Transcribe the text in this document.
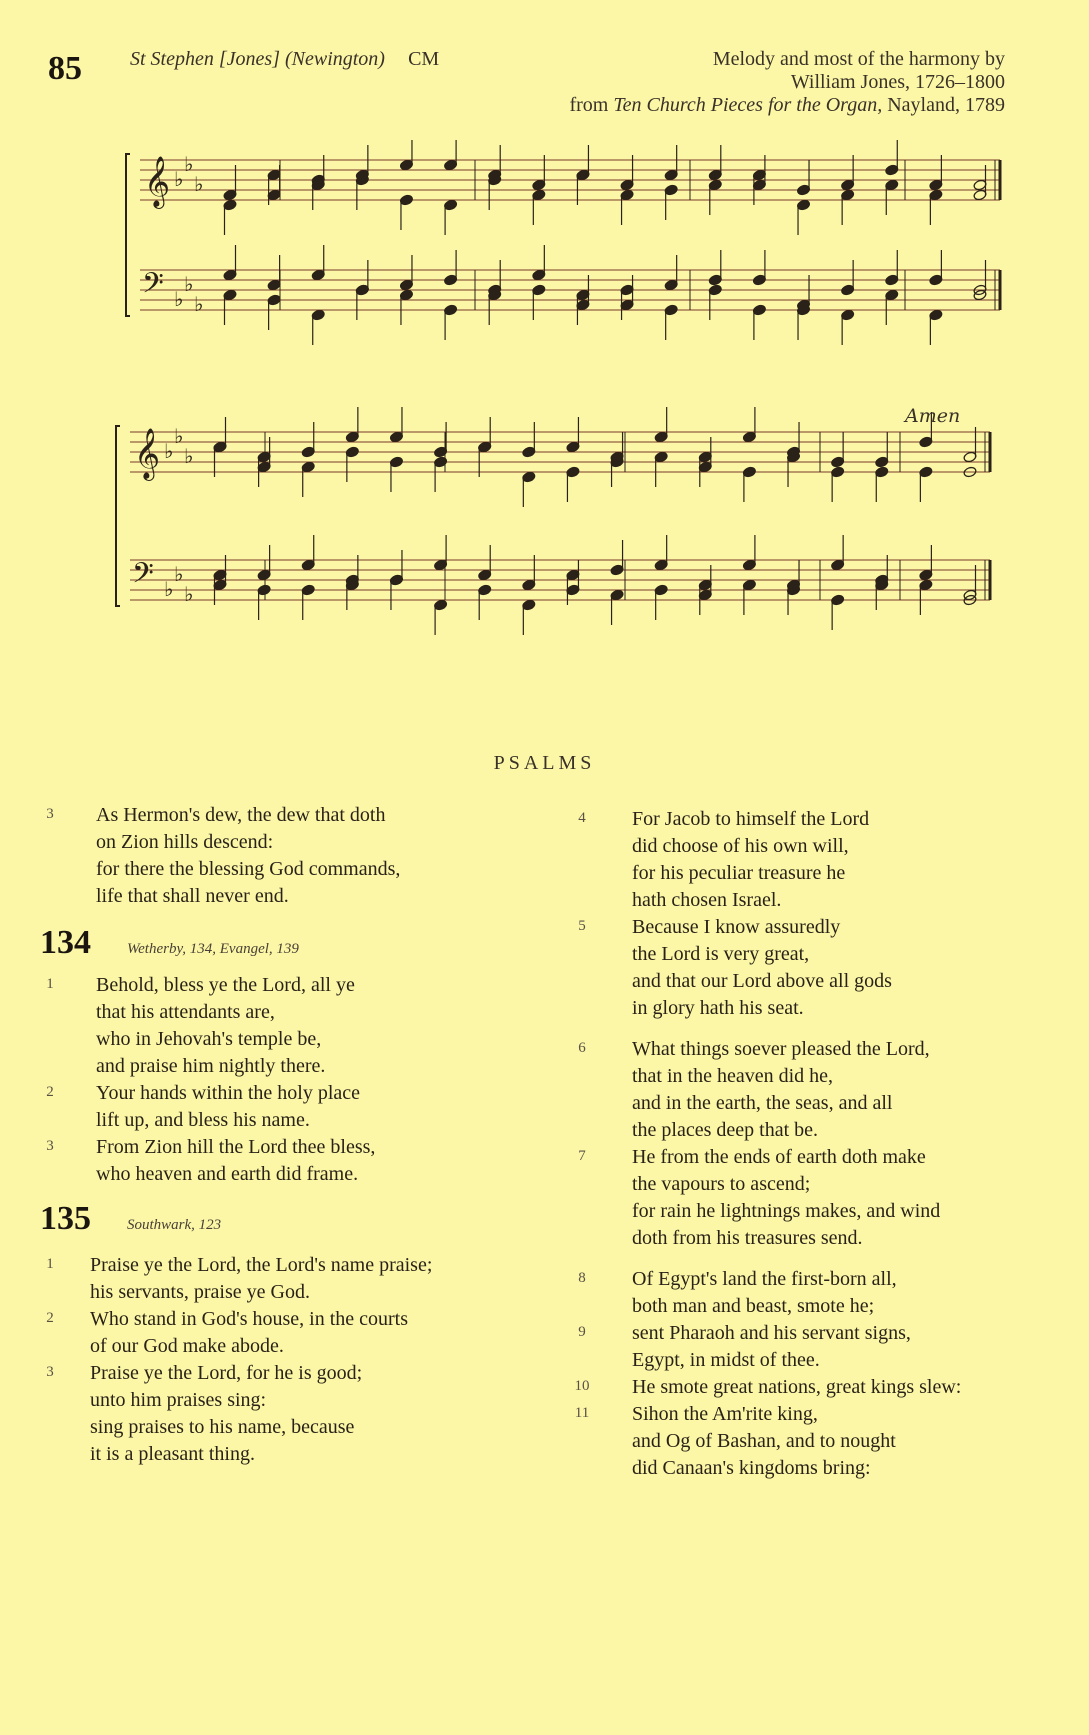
85 St Stephen [Jones] (Newington) CM	Melody and most of the harmony by
William Jones, 1726–1800
from Ten Church Pieces for the Organ, Nayland, 1789
𝄞
𝄢
♭
♭
♭
♭
♭
♭
𝄞
𝄢
♭
♭
♭
♭
♭
♭
Amen
PSALMS
3	As Hermon's dew, the dew that doth
on Zion hills descend:
for there the blessing God commands,
life that shall never end.
134 Wetherby, 134, Evangel, 139
1	Behold, bless ye the Lord, all ye
that his attendants are,
who in Jehovah's temple be,
and praise him nightly there.
2	Your hands within the holy place
lift up, and bless his name.
3	From Zion hill the Lord thee bless,
who heaven and earth did frame.
135 Southwark, 123
1	Praise ye the Lord, the Lord's name praise;
his servants, praise ye God.
2	Who stand in God's house, in the courts
of our God make abode.
3	Praise ye the Lord, for he is good;
unto him praises sing:
sing praises to his name, because
it is a pleasant thing.
4	For Jacob to himself the Lord
did choose of his own will,
for his peculiar treasure he
hath chosen Israel.
5	Because I know assuredly
the Lord is very great,
and that our Lord above all gods
in glory hath his seat.
6	What things soever pleased the Lord,
that in the heaven did he,
and in the earth, the seas, and all
the places deep that be.
7	He from the ends of earth doth make
the vapours to ascend;
for rain he lightnings makes, and wind
doth from his treasures send.
8	Of Egypt's land the first-born all,
both man and beast, smote he;
9	sent Pharaoh and his servant signs,
Egypt, in midst of thee.
10 He smote great nations, great kings slew:
11 Sihon the Am'rite king,
and Og of Bashan, and to nought
did Canaan's kingdoms bring:
